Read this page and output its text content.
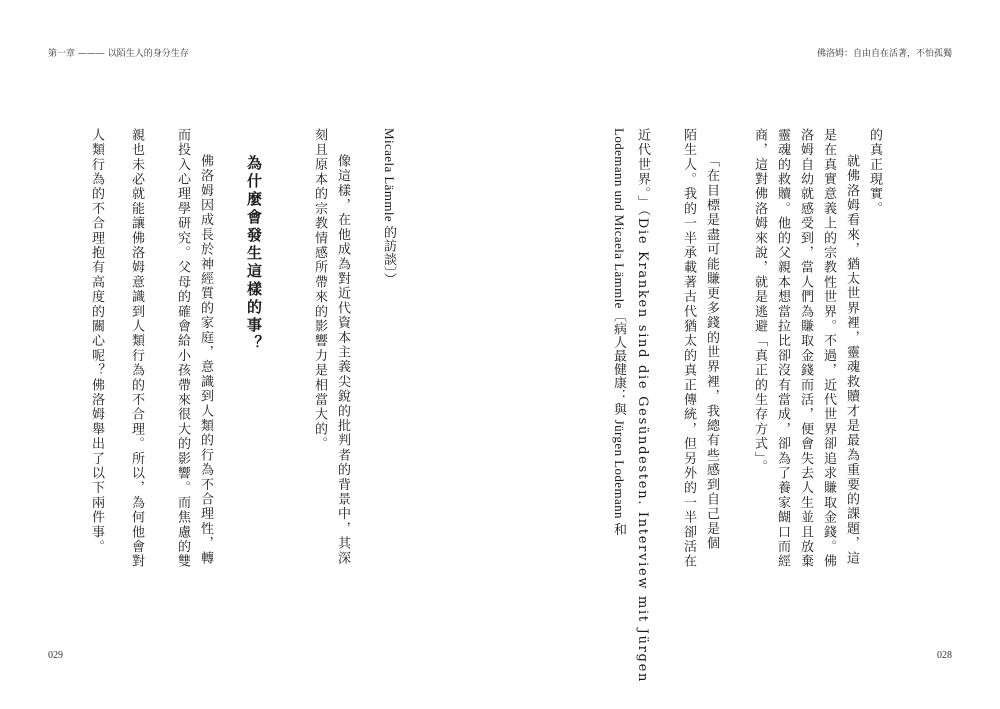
第一章 ——— 以陌生人的身分生存	佛洛姆：自由自在活著，不怕孤獨
的真正現實。
就佛洛姆看來，猶太世界裡，靈魂救贖才是最為重要的課題，這
是在真實意義上的宗教性世界。不過，近代世界卻追求賺取金錢。佛
洛姆自幼就感受到，當人們為賺取金錢而活，便會失去人生並且放棄
靈魂的救贖。他的父親本想當拉比卻沒有當成，卻為了養家餬口而經
商，這對佛洛姆來說，就是逃避「真正的生存方式」。
「在目標是盡可能賺更多錢的世界裡，我總有些感到自己是個
陌生人。我的一半承載著古代猶太的真正傳統，但另外的一半卻活在
近代世界。」（Die Kranken sind die Gesündesten. Interview mit Jürgen
Lodemann und Micaela Lämmle〔病人最健康：與 Jürgen Lodemann 和
Micaela Lämmle 的訪談〕）
像這樣，在他成為對近代資本主義尖銳的批判者的背景中，其深
刻且原本的宗教情感所帶來的影響力是相當大的。
為什麼會發生這樣的事？
佛洛姆因成長於神經質的家庭，意識到人類的行為不合理性，轉
而投入心理學研究。父母的確會給小孩帶來很大的影響。而焦慮的雙
親也未必就能讓佛洛姆意識到人類行為的不合理。所以，為何他會對
人類行為的不合理抱有高度的關心呢？佛洛姆舉出了以下兩件事。
029	028
